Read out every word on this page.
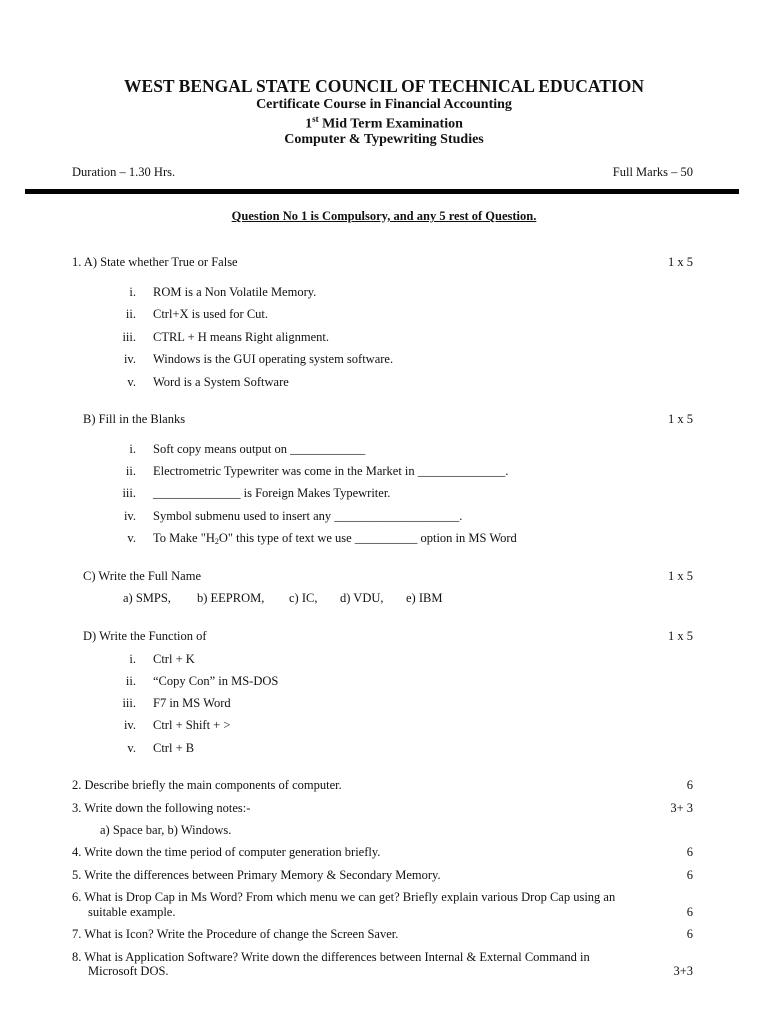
WEST BENGAL STATE COUNCIL OF TECHNICAL EDUCATION
Certificate Course in Financial Accounting
1st Mid Term Examination
Computer & Typewriting Studies
Duration – 1.30 Hrs.	Full Marks – 50
Question No 1 is Compulsory, and any 5 rest of Question.
1. A) State whether True or False	1 x 5
i. ROM is a Non Volatile Memory.
ii. Ctrl+X is used for Cut.
iii. CTRL + H means Right alignment.
iv. Windows is the GUI operating system software.
v. Word is a System Software
B) Fill in the Blanks	1 x 5
i. Soft copy means output on ____________
ii. Electrometric Typewriter was come in the Market in ______________.
iii. ______________ is Foreign Makes Typewriter.
iv. Symbol submenu used to insert any ____________________.
v. To Make "$H_2O$" this type of text we use __________ option in MS Word
C) Write the Full Name	1 x 5
a) SMPS, b) EEPROM, c) IC, d) VDU, e) IBM
D) Write the Function of	1 x 5
i. Ctrl + K
ii. “Copy Con” in MS-DOS
iii. F7 in MS Word
iv. Ctrl + Shift + >
v. Ctrl + B
2. Describe briefly the main components of computer.	6
3. Write down the following notes:-	3+ 3
a) Space bar, b) Windows.
4. Write down the time period of computer generation briefly.	6
5. Write the differences between Primary Memory & Secondary Memory.	6
6. What is Drop Cap in Ms Word? From which menu we can get? Briefly explain various Drop Cap using an
suitable example.	6
7. What is Icon? Write the Procedure of change the Screen Saver.	6
8. What is Application Software? Write down the differences between Internal & External Command in
Microsoft DOS.	3+3
